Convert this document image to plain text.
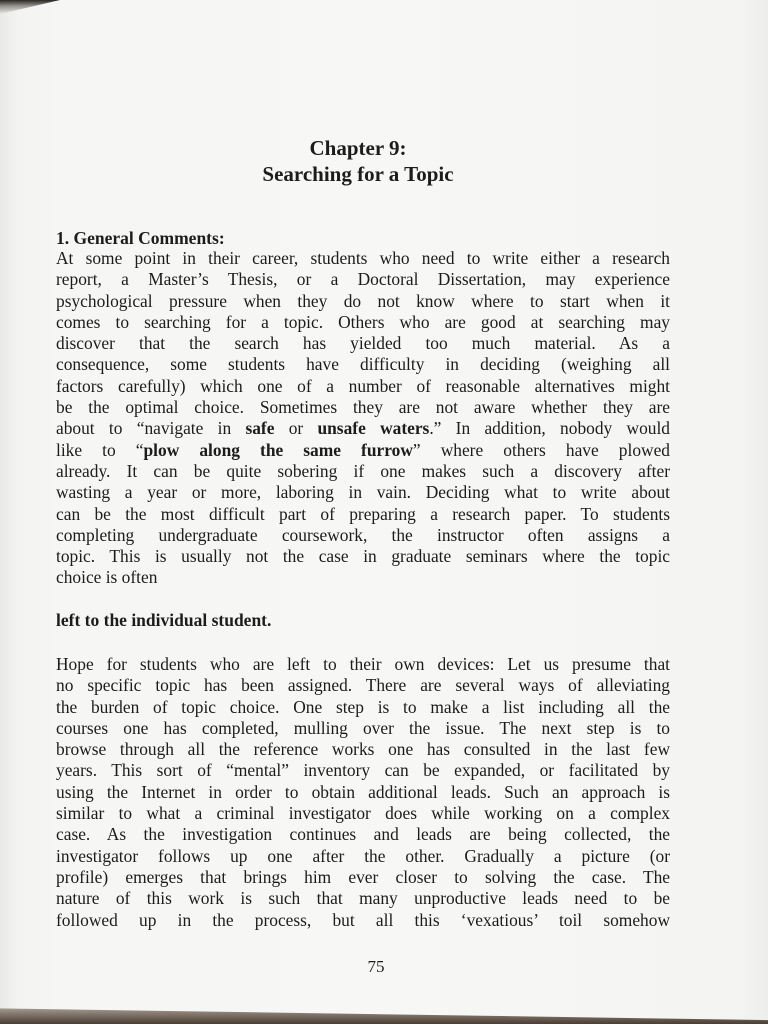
Chapter 9:
Searching for a Topic
1. General Comments:
At some point in their career, students who need to write either a research
report, a Master’s Thesis, or a Doctoral Dissertation, may experience
psychological pressure when they do not know where to start when it
comes to searching for a topic. Others who are good at searching may
discover that the search has yielded too much material. As a
consequence, some students have difficulty in deciding (weighing all
factors carefully) which one of a number of reasonable alternatives might
be the optimal choice. Sometimes they are not aware whether they are
about to “navigate in safe or unsafe waters.” In addition, nobody would
like to “plow along the same furrow” where others have plowed
already. It can be quite sobering if one makes such a discovery after
wasting a year or more, laboring in vain. Deciding what to write about
can be the most difficult part of preparing a research paper. To students
completing undergraduate coursework, the instructor often assigns a
topic. This is usually not the case in graduate seminars where the topic
choice is often
left to the individual student.
Hope for students who are left to their own devices: Let us presume that
no specific topic has been assigned. There are several ways of alleviating
the burden of topic choice. One step is to make a list including all the
courses one has completed, mulling over the issue. The next step is to
browse through all the reference works one has consulted in the last few
years. This sort of “mental” inventory can be expanded, or facilitated by
using the Internet in order to obtain additional leads. Such an approach is
similar to what a criminal investigator does while working on a complex
case. As the investigation continues and leads are being collected, the
investigator follows up one after the other. Gradually a picture (or
profile) emerges that brings him ever closer to solving the case. The
nature of this work is such that many unproductive leads need to be
followed up in the process, but all this ‘vexatious’ toil somehow
75
